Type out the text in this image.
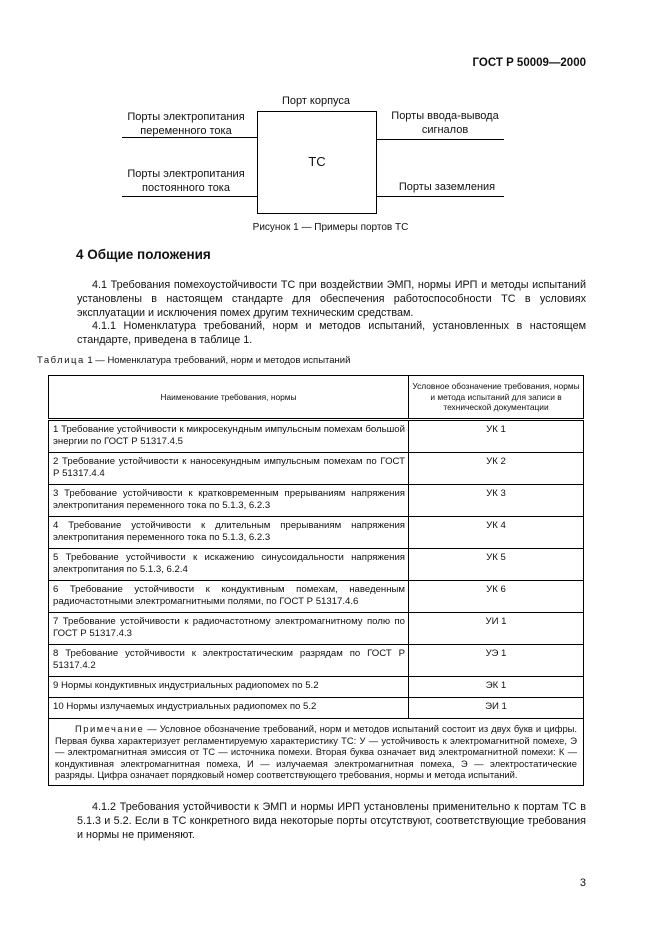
ГОСТ Р 50009—2000
Порт корпуса
Порты электропитания
переменного тока
Порты электропитания
постоянного тока
Порты ввода-вывода
сигналов
Порты заземления
ТС
Рисунок 1 — Примеры портов ТС
4 Общие положения

4.1 Требования помехоустойчивости ТС при воздействии ЭМП, нормы ИРП и методы испытаний установлены в настоящем стандарте для обеспечения работоспособности ТС в условиях эксплуатации и исключения помех другим техническим средствам.

4.1.1 Номенклатура требований, норм и методов испытаний, установленных в настоящем стандарте, приведена в таблице 1.

Таблица 1 — Номенклатура требований, норм и методов испытаний
Наименование требования, нормы	Условное обозначение требования, нормы и метода испытаний для записи в технической документации
1 Требование устойчивости к микросекундным импульсным помехам большой энергии по ГОСТ Р 51317.4.5	УК 1
2 Требование устойчивости к наносекундным импульсным помехам по ГОСТ Р 51317.4.4	УК 2
3 Требование устойчивости к кратковременным прерываниям напряжения электропитания переменного тока по 5.1.3, 6.2.3	УК 3
4 Требование устойчивости к длительным прерываниям напряжения электропитания переменного тока по 5.1.3, 6.2.3	УК 4
5 Требование устойчивости к искажению синусоидальности напряжения электропитания по 5.1.3, 6.2.4	УК 5
6 Требование устойчивости к кондуктивным помехам, наведенным радиочастотными электромагнитными полями, по ГОСТ Р 51317.4.6	УК 6
7 Требование устойчивости к радиочастотному электромагнитному полю по ГОСТ Р 51317.4.3	УИ 1
8 Требование устойчивости к электростатическим разрядам по ГОСТ Р 51317.4.2	УЭ 1
9 Нормы кондуктивных индустриальных радиопомех по 5.2	ЭК 1
10 Нормы излучаемых индустриальных радиопомех по 5.2	ЭИ 1
Примечание — Условное обозначение требований, норм и методов испытаний состоит из двух букв и цифры. Первая буква характеризует регламентируемую характеристику ТС: У — устойчивость к электромагнитной помехе, Э — электромагнитная эмиссия от ТС — источника помехи. Вторая буква означает вид электромагнитной помехи: К — кондуктивная электромагнитная помеха, И — излучаемая электромагнитная помеха, Э — электростатические разряды. Цифра означает порядковый номер соответствующего требования, нормы и метода испытаний.	

4.1.2 Требования устойчивости к ЭМП и нормы ИРП установлены применительно к портам ТС в 5.1.3 и 5.2. Если в ТС конкретного вида некоторые порты отсутствуют, соответствующие требования и нормы не применяют.

3
